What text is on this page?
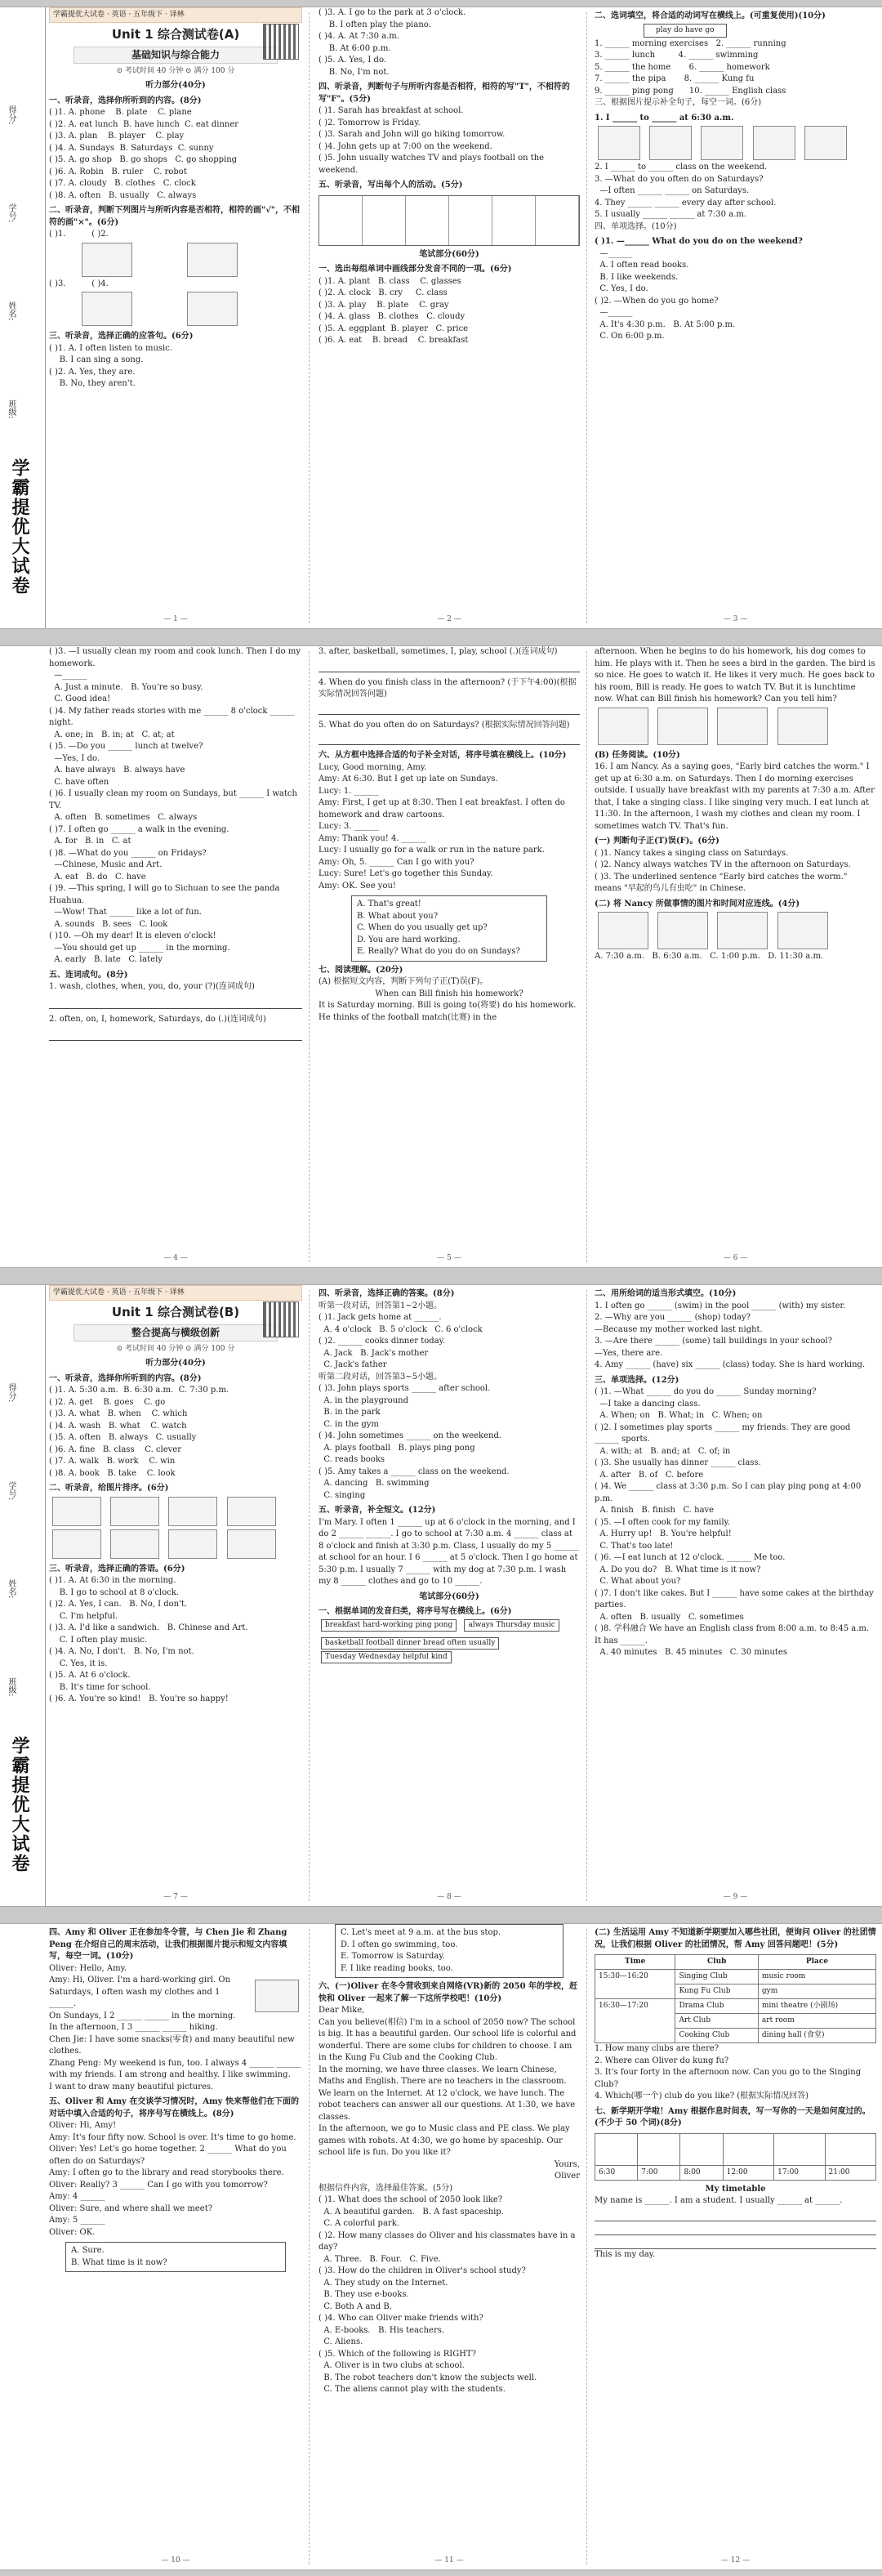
得分:
学号:
姓名:
班级:
学霸提优大试卷
学霸提优大试卷 · 英语 · 五年级下 · 译林
Unit 1 综合测试卷(A)
基础知识与综合能力
⊙ 考试时间 40 分钟 ⊙ 满分 100 分
听力部分(40分)
一、听录音，选择你所听到的内容。(8分)
( )1. A. phone    B. plate    C. plane
( )2. A. eat lunch  B. have lunch  C. eat dinner
( )3. A. plan    B. player    C. play
( )4. A. Sundays  B. Saturdays  C. sunny
( )5. A. go shop   B. go shops   C. go shopping
( )6. A. Robin   B. ruler    C. robot
( )7. A. cloudy   B. clothes   C. clock
( )8. A. often   B. usually   C. always
二、听录音，判断下列图片与所听内容是否相符，相符的画"√"，不相符的画"×"。(6分)
( )1.          ( )2.

( )3.          ( )4.

三、听录音，选择正确的应答句。(6分)
( )1. A. I often listen to music.
B. I can sing a song.
( )2. A. Yes, they are.
B. No, they aren't.
— 1 —
( )3. A. I go to the park at 3 o'clock.
B. I often play the piano.
( )4. A. At 7:30 a.m.
B. At 6:00 p.m.
( )5. A. Yes, I do.
B. No, I'm not.
四、听录音，判断句子与所听内容是否相符，相符的写"T"，不相符的写"F"。(5分)
( )1. Sarah has breakfast at school.
( )2. Tomorrow is Friday.
( )3. Sarah and John will go hiking tomorrow.
( )4. John gets up at 7:00 on the weekend.
( )5. John usually watches TV and plays football on the weekend.
五、听录音，写出每个人的活动。(5分)
笔试部分(60分)
一、选出每组单词中画线部分发音不同的一项。(6分)
( )1. A. plant   B. class    C. glasses
( )2. A. clock   B. cry     C. class
( )3. A. play    B. plate    C. gray
( )4. A. glass   B. clothes   C. cloudy
( )5. A. eggplant  B. player   C. price
( )6. A. eat    B. bread    C. breakfast
— 2 —
二、选词填空，将合适的动词写在横线上。(可重复使用)(10分)
play do have go
1. ______ morning exercises   2. ______ running
3. ______ lunch         4. ______ swimming
5. ______ the home       6. ______ homework
7. ______ the pipa       8. ______ Kung fu
9. ______ ping pong      10. ______ English class
三、根据图片提示补全句子，每空一词。(6分)
1. I ______ to ______ at 6:30 a.m.

2. I ______ to ______ class on the weekend.
3. —What do you often do on Saturdays?
—I often ______ ______ on Saturdays.
4. They ______ ______ every day after school.
5. I usually ______ ______ at 7:30 a.m.
四、单项选择。(10分)
( )1. —______ What do you do on the weekend?
—______
A. I often read books.
B. I like weekends.
C. Yes, I do.
( )2. —When do you go home?
—______
A. It's 4:30 p.m.   B. At 5:00 p.m.
C. On 6:00 p.m.
— 3 —
( )3. —I usually clean my room and cook lunch. Then I do my homework.
—______
A. Just a minute.   B. You're so busy.
C. Good idea!
( )4. My father reads stories with me ______ 8 o'clock ______ night.
A. one; in   B. in; at   C. at; at
( )5. —Do you ______ lunch at twelve?
—Yes, I do.
A. have always   B. always have
C. have often
( )6. I usually clean my room on Sundays, but ______ I watch TV.
A. often   B. sometimes   C. always
( )7. I often go ______ a walk in the evening.
A. for   B. in   C. at
( )8. —What do you ______ on Fridays?
—Chinese, Music and Art.
A. eat   B. do   C. have
( )9. —This spring, I will go to Sichuan to see the panda Huahua.
—Wow! That ______ like a lot of fun.
A. sounds   B. sees   C. look
( )10. —Oh my dear! It is eleven o'clock!
—You should get up ______ in the morning.
A. early   B. late   C. lately
五、连词成句。(8分)
1. wash, clothes, when, you, do, your (?)(连词成句)
2. often, on, I, homework, Saturdays, do (.)(连词成句)
— 4 —
3. after, basketball, sometimes, I, play, school (.)(连词成句)
4. When do you finish class in the afternoon? (于下午4:00)(根据实际情况回答问题)
5. What do you often do on Saturdays? (根据实际情况回答问题)
六、从方框中选择合适的句子补全对话，将序号填在横线上。(10分)
Lucy, Good morning, Amy.
Amy: At 6:30. But I get up late on Sundays.
Lucy: 1. ______
Amy: First, I get up at 8:30. Then I eat breakfast. I often do homework and draw cartoons.
Lucy: 3. ______
Amy: Thank you! 4. ______
Lucy: I usually go for a walk or run in the nature park.
Amy: Oh, 5. ______ Can I go with you?
Lucy: Sure! Let's go together this Sunday.
Amy: OK. See you!
A. That's great!
B. What about you?
C. When do you usually get up?
D. You are hard working.
E. Really? What do you do on Sundays?
七、阅读理解。(20分)
(A) 根据短文内容，判断下列句子正(T)误(F)。
When can Bill finish his homework?
It is Saturday morning. Bill is going to(将要) do his homework. He thinks of the football match(比赛) in the
— 5 —
afternoon. When he begins to do his homework, his dog comes to him. He plays with it. Then he sees a bird in the garden. The bird is so nice. He goes to watch it. He likes it very much. He goes back to his room, Bill is ready. He goes to watch TV. But it is lunchtime now. What can Bill finish his homework? Can you tell him?

(B) 任务阅读。(10分)
16. I am Nancy. As a saying goes, "Early bird catches the worm." I get up at 6:30 a.m. on Saturdays. Then I do morning exercises outside. I usually have breakfast with my parents at 7:30 a.m. After that, I take a singing class. I like singing very much. I eat lunch at 11:30. In the afternoon, I wash my clothes and clean my room. I sometimes watch TV. That's fun.
(一) 判断句子正(T)误(F)。(6分)
( )1. Nancy takes a singing class on Saturdays.
( )2. Nancy always watches TV in the afternoon on Saturdays.
( )3. The underlined sentence "Early bird catches the worm." means "早起的鸟儿有虫吃" in Chinese.
(二) 将 Nancy 所做事情的图片和时间对应连线。(4分)

A. 7:30 a.m.   B. 6:30 a.m.   C. 1:00 p.m.   D. 11:30 a.m.
— 6 —
得分:
学号:
姓名:
班级:
学霸提优大试卷
学霸提优大试卷 · 英语 · 五年级下 · 译林
Unit 1 综合测试卷(B)
整合提高与横级创新
⊙ 考试时间 40 分钟 ⊙ 满分 100 分
听力部分(40分)
一、听录音，选择你所听到的内容。(8分)
( )1. A. 5:30 a.m.  B. 6:30 a.m.  C. 7:30 p.m.
( )2. A. get    B. goes    C. go
( )3. A. what   B. when    C. which
( )4. A. wash   B. what    C. watch
( )5. A. often   B. always   C. usually
( )6. A. fine   B. class    C. clever
( )7. A. walk   B. work    C. win
( )8. A. book   B. take    C. look
二、听录音，给图片排序。(6分)

三、听录音，选择正确的答语。(6分)
( )1. A. At 6:30 in the morning.
B. I go to school at 8 o'clock.
( )2. A. Yes, I can.   B. No, I don't.
C. I'm helpful.
( )3. A. I'd like a sandwich.   B. Chinese and Art.
C. I often play music.
( )4. A. No, I don't.   B. No, I'm not.
C. Yes, it is.
( )5. A. At 6 o'clock.
B. It's time for school.
( )6. A. You're so kind!   B. You're so happy!
— 7 —
四、听录音，选择正确的答案。(8分)
听第一段对话，回答第1~2小题。
( )1. Jack gets home at ______.
A. 4 o'clock   B. 5 o'clock   C. 6 o'clock
( )2. ______ cooks dinner today.
A. Jack   B. Jack's mother
C. Jack's father
听第二段对话，回答第3~5小题。
( )3. John plays sports ______ after school.
A. in the playground
B. in the park
C. in the gym
( )4. John sometimes ______ on the weekend.
A. plays football   B. plays ping pong
C. reads books
( )5. Amy takes a ______ class on the weekend.
A. dancing   B. swimming
C. singing
五、听录音，补全短文。(12分)
I'm Mary. I often 1 ______ up at 6 o'clock in the morning, and I do 2 ______ ______. I go to school at 7:30 a.m. 4 ______ class at 8 o'clock and finish at 3:30 p.m. Class, I usually do my 5 ______ at school for an hour. I 6 ______ at 5 o'clock. Then I go home at 5:30 p.m. I usually 7 ______ with my dog at 7:30 p.m. I wash my 8 ______ clothes and go to 10 ______.
笔试部分(60分)
一、根据单词的发音归类，将序号写在横线上。(6分)
breakfast hard-working ping pong always Thursday music basketball football dinner bread often usually Tuesday Wednesday helpful kind
— 8 —
二、用所给词的适当形式填空。(10分)
1. I often go ______ (swim) in the pool ______ (with) my sister.
2. —Why are you ______ (shop) today?
—Because my mother worked last night.
3. —Are there ______ (some) tall buildings in your school?
—Yes, there are.
4. Amy ______ (have) six ______ (class) today. She is hard working.
三、单项选择。(12分)
( )1. —What ______ do you do ______ Sunday morning?
—I take a dancing class.
A. When; on   B. What; in   C. When; on
( )2. I sometimes play sports ______ my friends. They are good ______ sports.
A. with; at   B. and; at   C. of; in
( )3. She usually has dinner ______ class.
A. after   B. of   C. before
( )4. We ______ class at 3:30 p.m. So I can play ping pong at 4:00 p.m.
A. finish   B. finish   C. have
( )5. —I often cook for my family.
A. Hurry up!   B. You're helpful!
C. That's too late!
( )6. —I eat lunch at 12 o'clock. ______ Me too.
A. Do you do?   B. What time is it now?
C. What about you?
( )7. I don't like cakes. But I ______ have some cakes at the birthday parties.
A. often   B. usually   C. sometimes
( )8. 学科融合 We have an English class from 8:00 a.m. to 8:45 a.m. It has ______.
A. 40 minutes   B. 45 minutes   C. 30 minutes
— 9 —
四、Amy 和 Oliver 正在参加冬令营，与 Chen Jie 和 Zhang Peng 在介绍自己的周末活动，让我们根据图片提示和短文内容填写，每空一词。(10分)
Oliver: Hello, Amy.
Amy: Hi, Oliver. I'm a hard-working girl. On Saturdays, I often wash my clothes and 1 ______.
On Sundays, I 2 ______ ______ in the morning. In the afternoon, I 3 ______ ______ hiking.
Chen Jie: I have some snacks(零食) and many beautiful new clothes.
Zhang Peng: My weekend is fun, too. I always 4 ______ ______ with my friends. I am strong and healthy. I like swimming.
I want to draw many beautiful pictures.
五、Oliver 和 Amy 在交谈学习情况时，Amy 快来帮他们在下面的对话中填入合适的句子，将序号写在横线上。(8分)
Oliver: Hi, Amy!
Amy: It's four fifty now. School is over. It's time to go home.
Oliver: Yes! Let's go home together. 2 ______ What do you often do on Saturdays?
Amy: I often go to the library and read storybooks there.
Oliver: Really? 3 ______ Can I go with you tomorrow?
Amy: 4 ______
Oliver: Sure, and where shall we meet?
Amy: 5 ______
Oliver: OK.
A. Sure.
B. What time is it now?
— 10 —
C. Let's meet at 9 a.m. at the bus stop.
D. I often go swimming, too.
E. Tomorrow is Saturday.
F. I like reading books, too.
六、(一)Oliver 在冬令营收到来自网络(VR)新的 2050 年的学校，赶快和 Oliver 一起来了解一下这所学校吧！(10分)
Dear Mike,
Can you believe(相信) I'm in a school of 2050 now? The school is big. It has a beautiful garden. Our school life is colorful and wonderful. There are some clubs for children to choose. I am in the Kung Fu Club and the Cooking Club.
In the morning, we have three classes. We learn Chinese, Maths and English. There are no teachers in the classroom. We learn on the Internet. At 12 o'clock, we have lunch. The robot teachers can answer all our questions. At 1:30, we have classes.
In the afternoon, we go to Music class and PE class. We play games with robots. At 4:30, we go home by spaceship. Our school life is fun. Do you like it?
Yours,
Oliver
根据信件内容，选择最佳答案。(5分)
( )1. What does the school of 2050 look like?
A. A beautiful garden.   B. A fast spaceship.
C. A colorful park.
( )2. How many classes do Oliver and his classmates have in a day?
A. Three.   B. Four.   C. Five.
( )3. How do the children in Oliver's school study?
A. They study on the Internet.
B. They use e-books.
C. Both A and B.
( )4. Who can Oliver make friends with?
A. E-books.   B. His teachers.
C. Aliens.
( )5. Which of the following is RIGHT?
A. Oliver is in two clubs at school.
B. The robot teachers don't know the subjects well.
C. The aliens cannot play with the students.
— 11 —
(二) 生活运用 Amy 不知道新学期要加入哪些社团，便询问 Oliver 的社团情况，让我们根据 Oliver 的社团情况，帮 Amy 回答问题吧！(5分)
Time	Club	Place
15:30—16:20	Singing Club	music room
	Kung Fu Club	gym
16:30—17:20	Drama Club	mini theatre (小剧场)
	Art Club	art room
	Cooking Club	dining hall (食堂)
1. How many clubs are there?
2. Where can Oliver do kung fu?
3. It's four forty in the afternoon now. Can you go to the Singing Club?
4. Which(哪一个) club do you like? (根据实际情况回答)
七、新学期开学啦！Amy 根据作息时间表，写一写你的一天是如何度过的。(不少于 50 个词)(8分)

6:30	7:00	8:00	12:00	17:00	21:00
My timetable
My name is ______. I am a student. I usually ______ at ______.
This is my day.
— 12 —
